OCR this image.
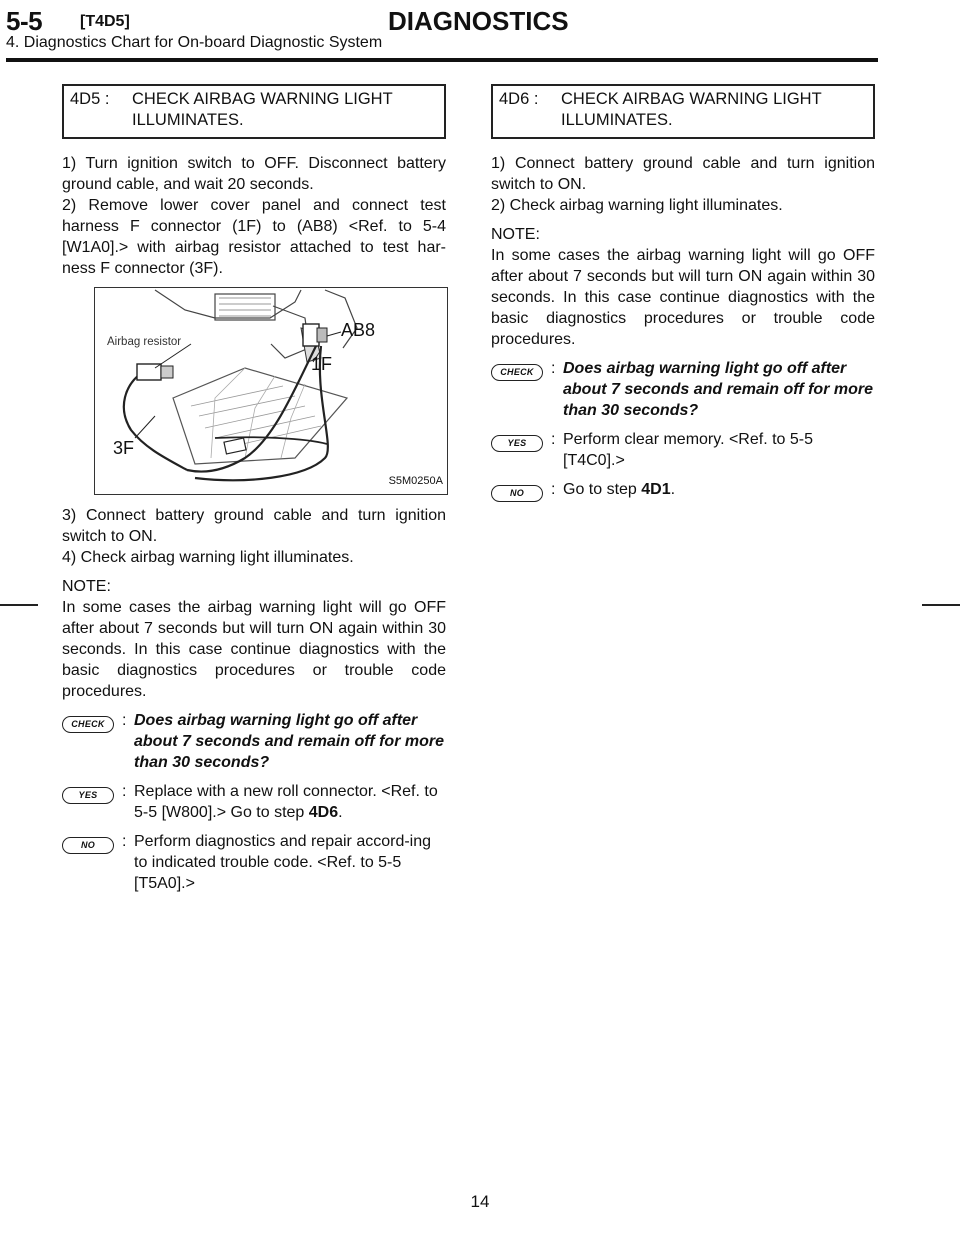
5-5 [T4D5]	DIAGNOSTICS
4. Diagnostics Chart for On-board Diagnostic System
4D5 :	CHECK AIRBAG WARNING LIGHT ILLUMINATES.

1) Turn ignition switch to OFF. Disconnect battery ground cable, and wait 20 seconds.

2) Remove lower cover panel and connect test harness F connector (1F) to (AB8) <Ref. to 5-4 [W1A0].> with airbag resistor attached to test har-ness F connector (3F).

Airbag resistor
AB8
1F
3F
S5M0250A

3) Connect battery ground cable and turn ignition switch to ON.

4) Check airbag warning light illuminates.

NOTE:

In some cases the airbag warning light will go OFF after about 7 seconds but will turn ON again within 30 seconds. In this case continue diagnostics with the basic diagnostics procedures or trouble code procedures.

CHECK	: Does airbag warning light go off after about 7 seconds and remain off for more than 30 seconds?
YES	: Replace with a new roll connector. <Ref. to 5-5 [W800].> Go to step 4D6.
NO	: Perform diagnostics and repair accord-ing to indicated trouble code. <Ref. to 5-5 [T5A0].>
4D6 :	CHECK AIRBAG WARNING LIGHT ILLUMINATES.

1) Connect battery ground cable and turn ignition switch to ON.

2) Check airbag warning light illuminates.

NOTE:

In some cases the airbag warning light will go OFF after about 7 seconds but will turn ON again within 30 seconds. In this case continue diagnostics with the basic diagnostics procedures or trouble code procedures.

CHECK	: Does airbag warning light go off after about 7 seconds and remain off for more than 30 seconds?
YES	: Perform clear memory. <Ref. to 5-5 [T4C0].>
NO	: Go to step 4D1.
14
